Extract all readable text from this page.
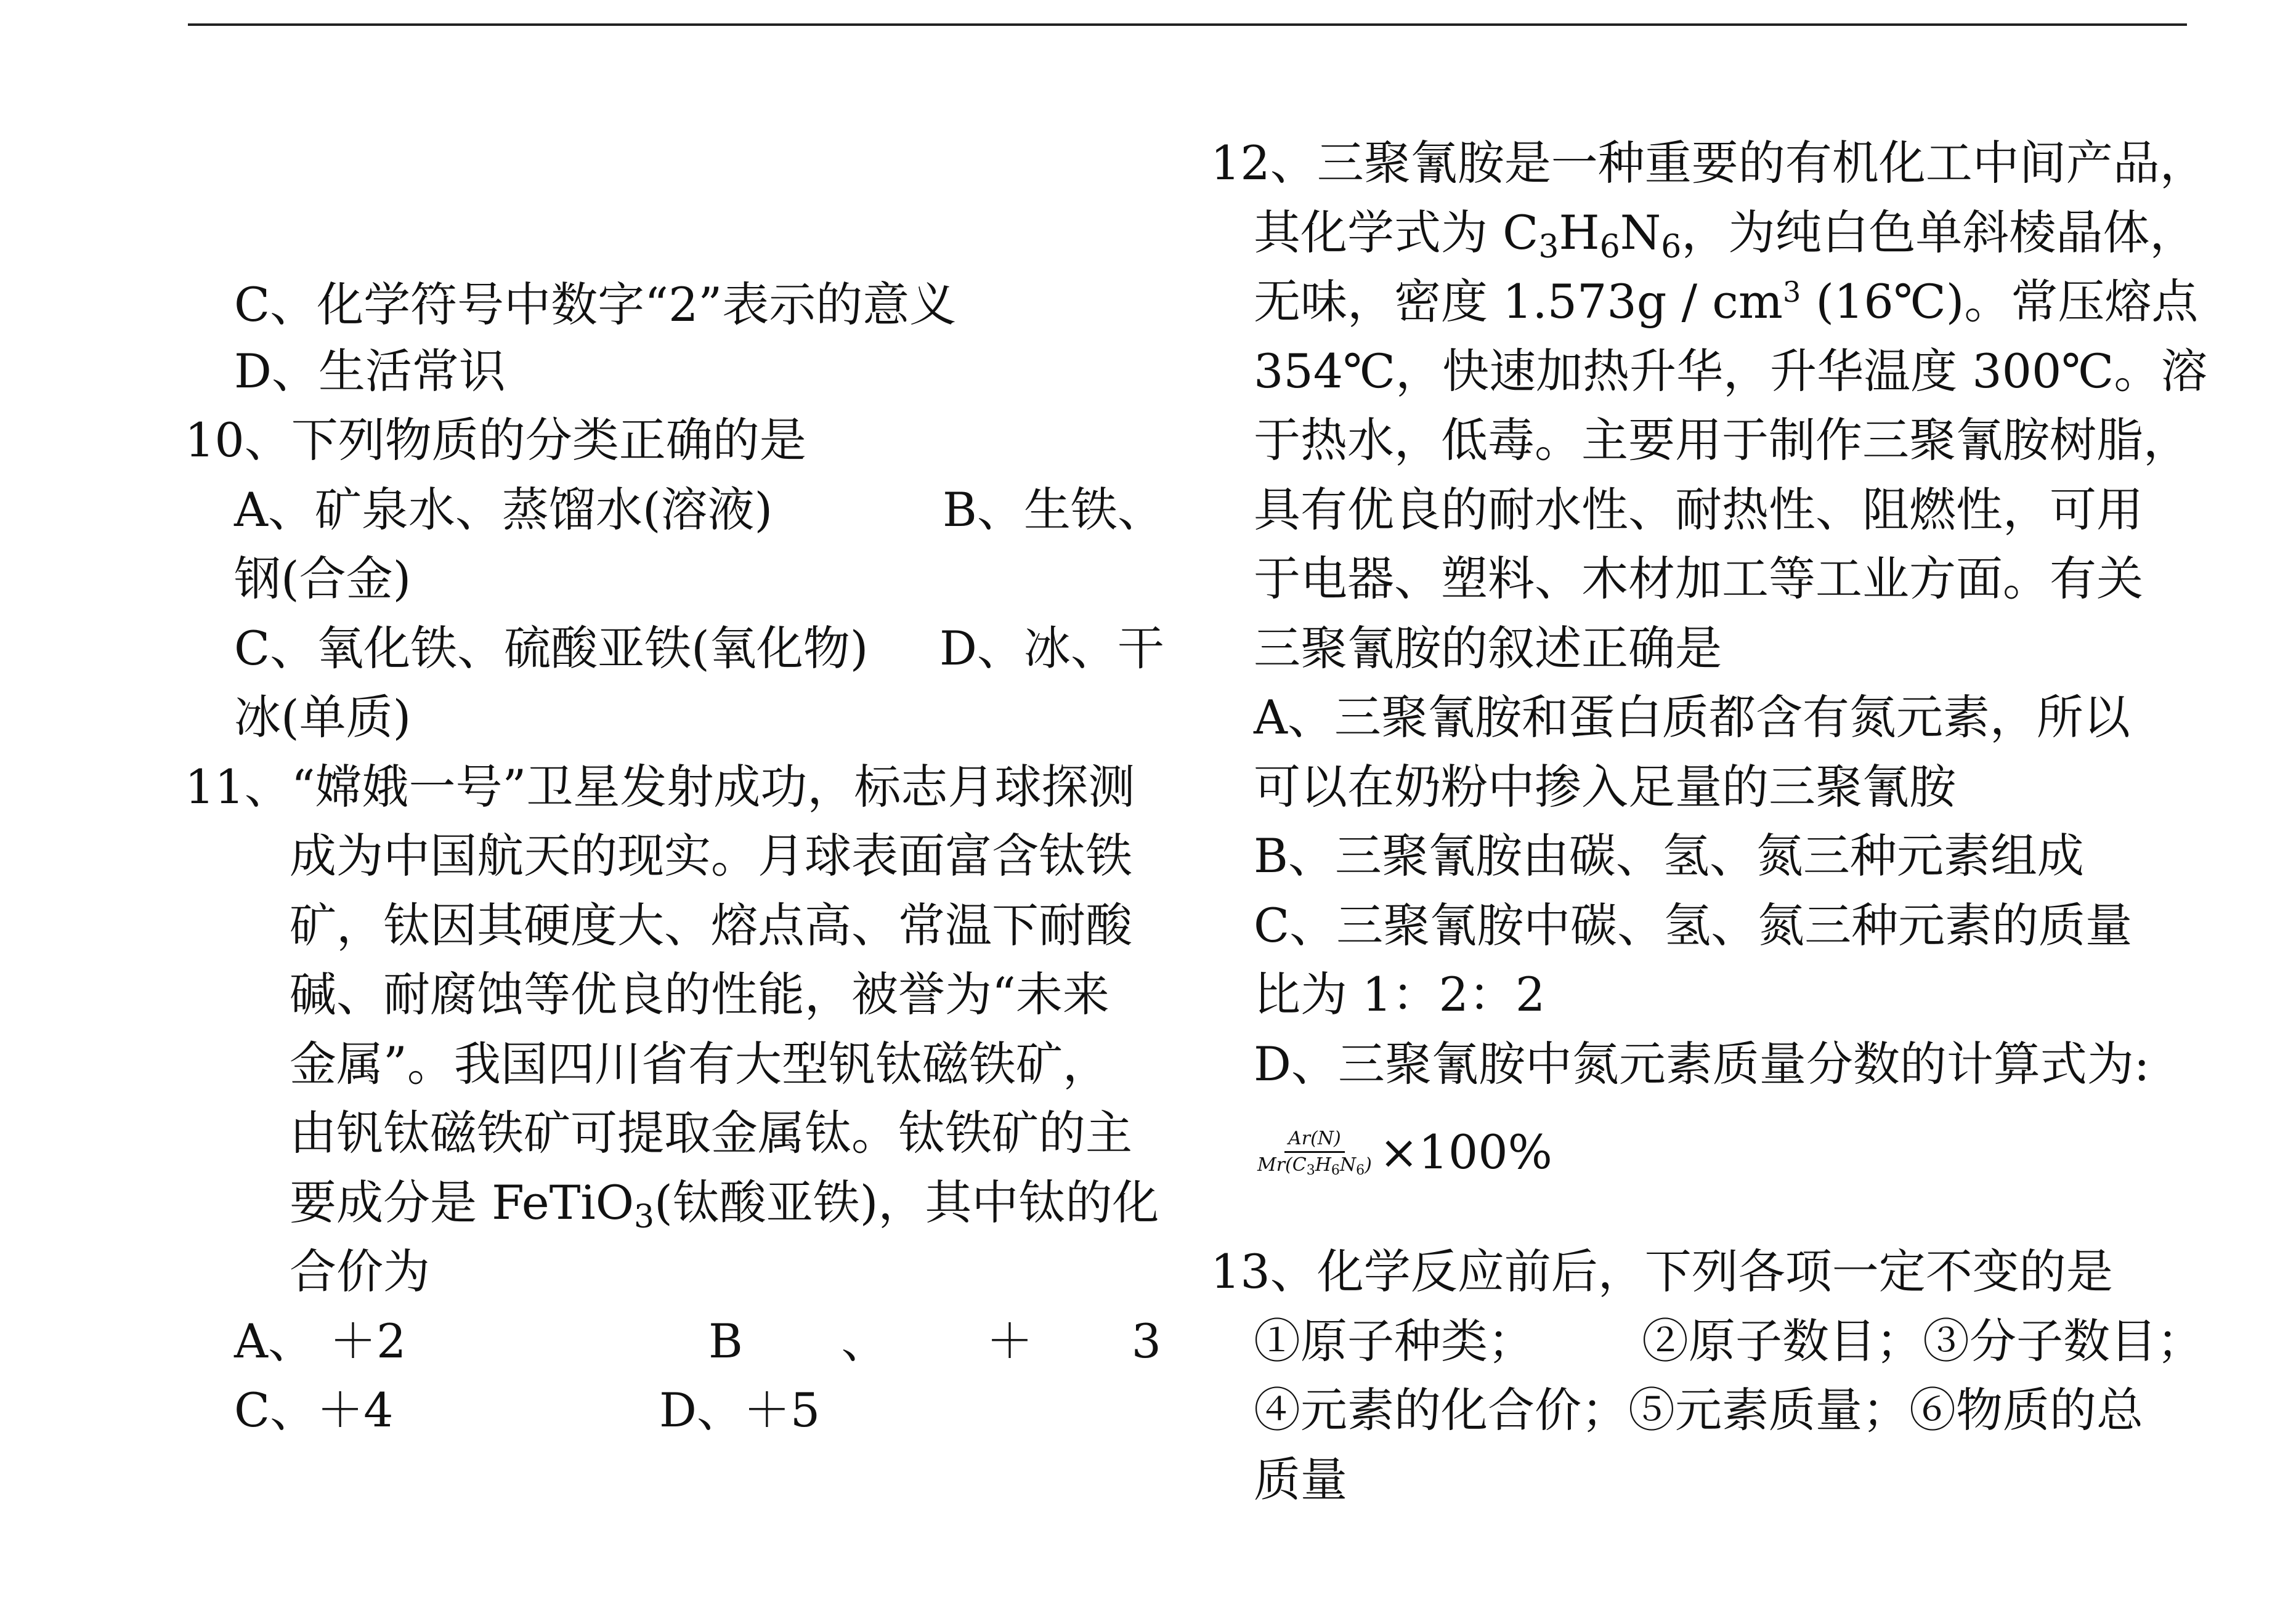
C、化学符号中数字“2”表示的意义
D、生活常识
10、下列物质的分类正确的是
A、矿泉水、蒸馏水(溶液)	B、生铁、
钢(合金)
C、氧化铁、硫酸亚铁(氧化物) D、冰、干
冰(单质)
11、“嫦娥一号”卫星发射成功，标志月球探测
成为中国航天的现实。月球表面富含钛铁
矿，钛因其硬度大、熔点高、常温下耐酸
碱、耐腐蚀等优良的性能，被誉为“未来
金属”。我国四川省有大型钒钛磁铁矿，
由钒钛磁铁矿可提取金属钛。钛铁矿的主
要成分是 FeTiO$_3$(钛酸亚铁)，其中钛的化
合价为
A、 ＋2	B 、 ＋ 3
C、＋4	D、＋5
12、三聚氰胺是一种重要的有机化工中间产品，
其化学式为 $C_3H_6N_6$，为纯白色单斜棱晶体，
无味，密度 $1.573g / cm^3$ (16℃)。常压熔点
354℃，快速加热升华，升华温度 300℃。溶
于热水，低毒。主要用于制作三聚氰胺树脂，
具有优良的耐水性、耐热性、阻燃性，可用
于电器、塑料、木材加工等工业方面。有关
三聚氰胺的叙述正确是
A、三聚氰胺和蛋白质都含有氮元素，所以
可以在奶粉中掺入足量的三聚氰胺
B、三聚氰胺由碳、氢、氮三种元素组成
C、三聚氰胺中碳、氢、氮三种元素的质量
比为 1：2：2
D、三聚氰胺中氮元素质量分数的计算式为:
$\frac{Ar(N)}{Mr(C_3H_6N_6)} \times 100\%$
13、化学反应前后，下列各项一定不变的是
①原子种类； ②原子数目；③分子数目；
④元素的化合价；⑤元素质量；⑥物质的总
质量
